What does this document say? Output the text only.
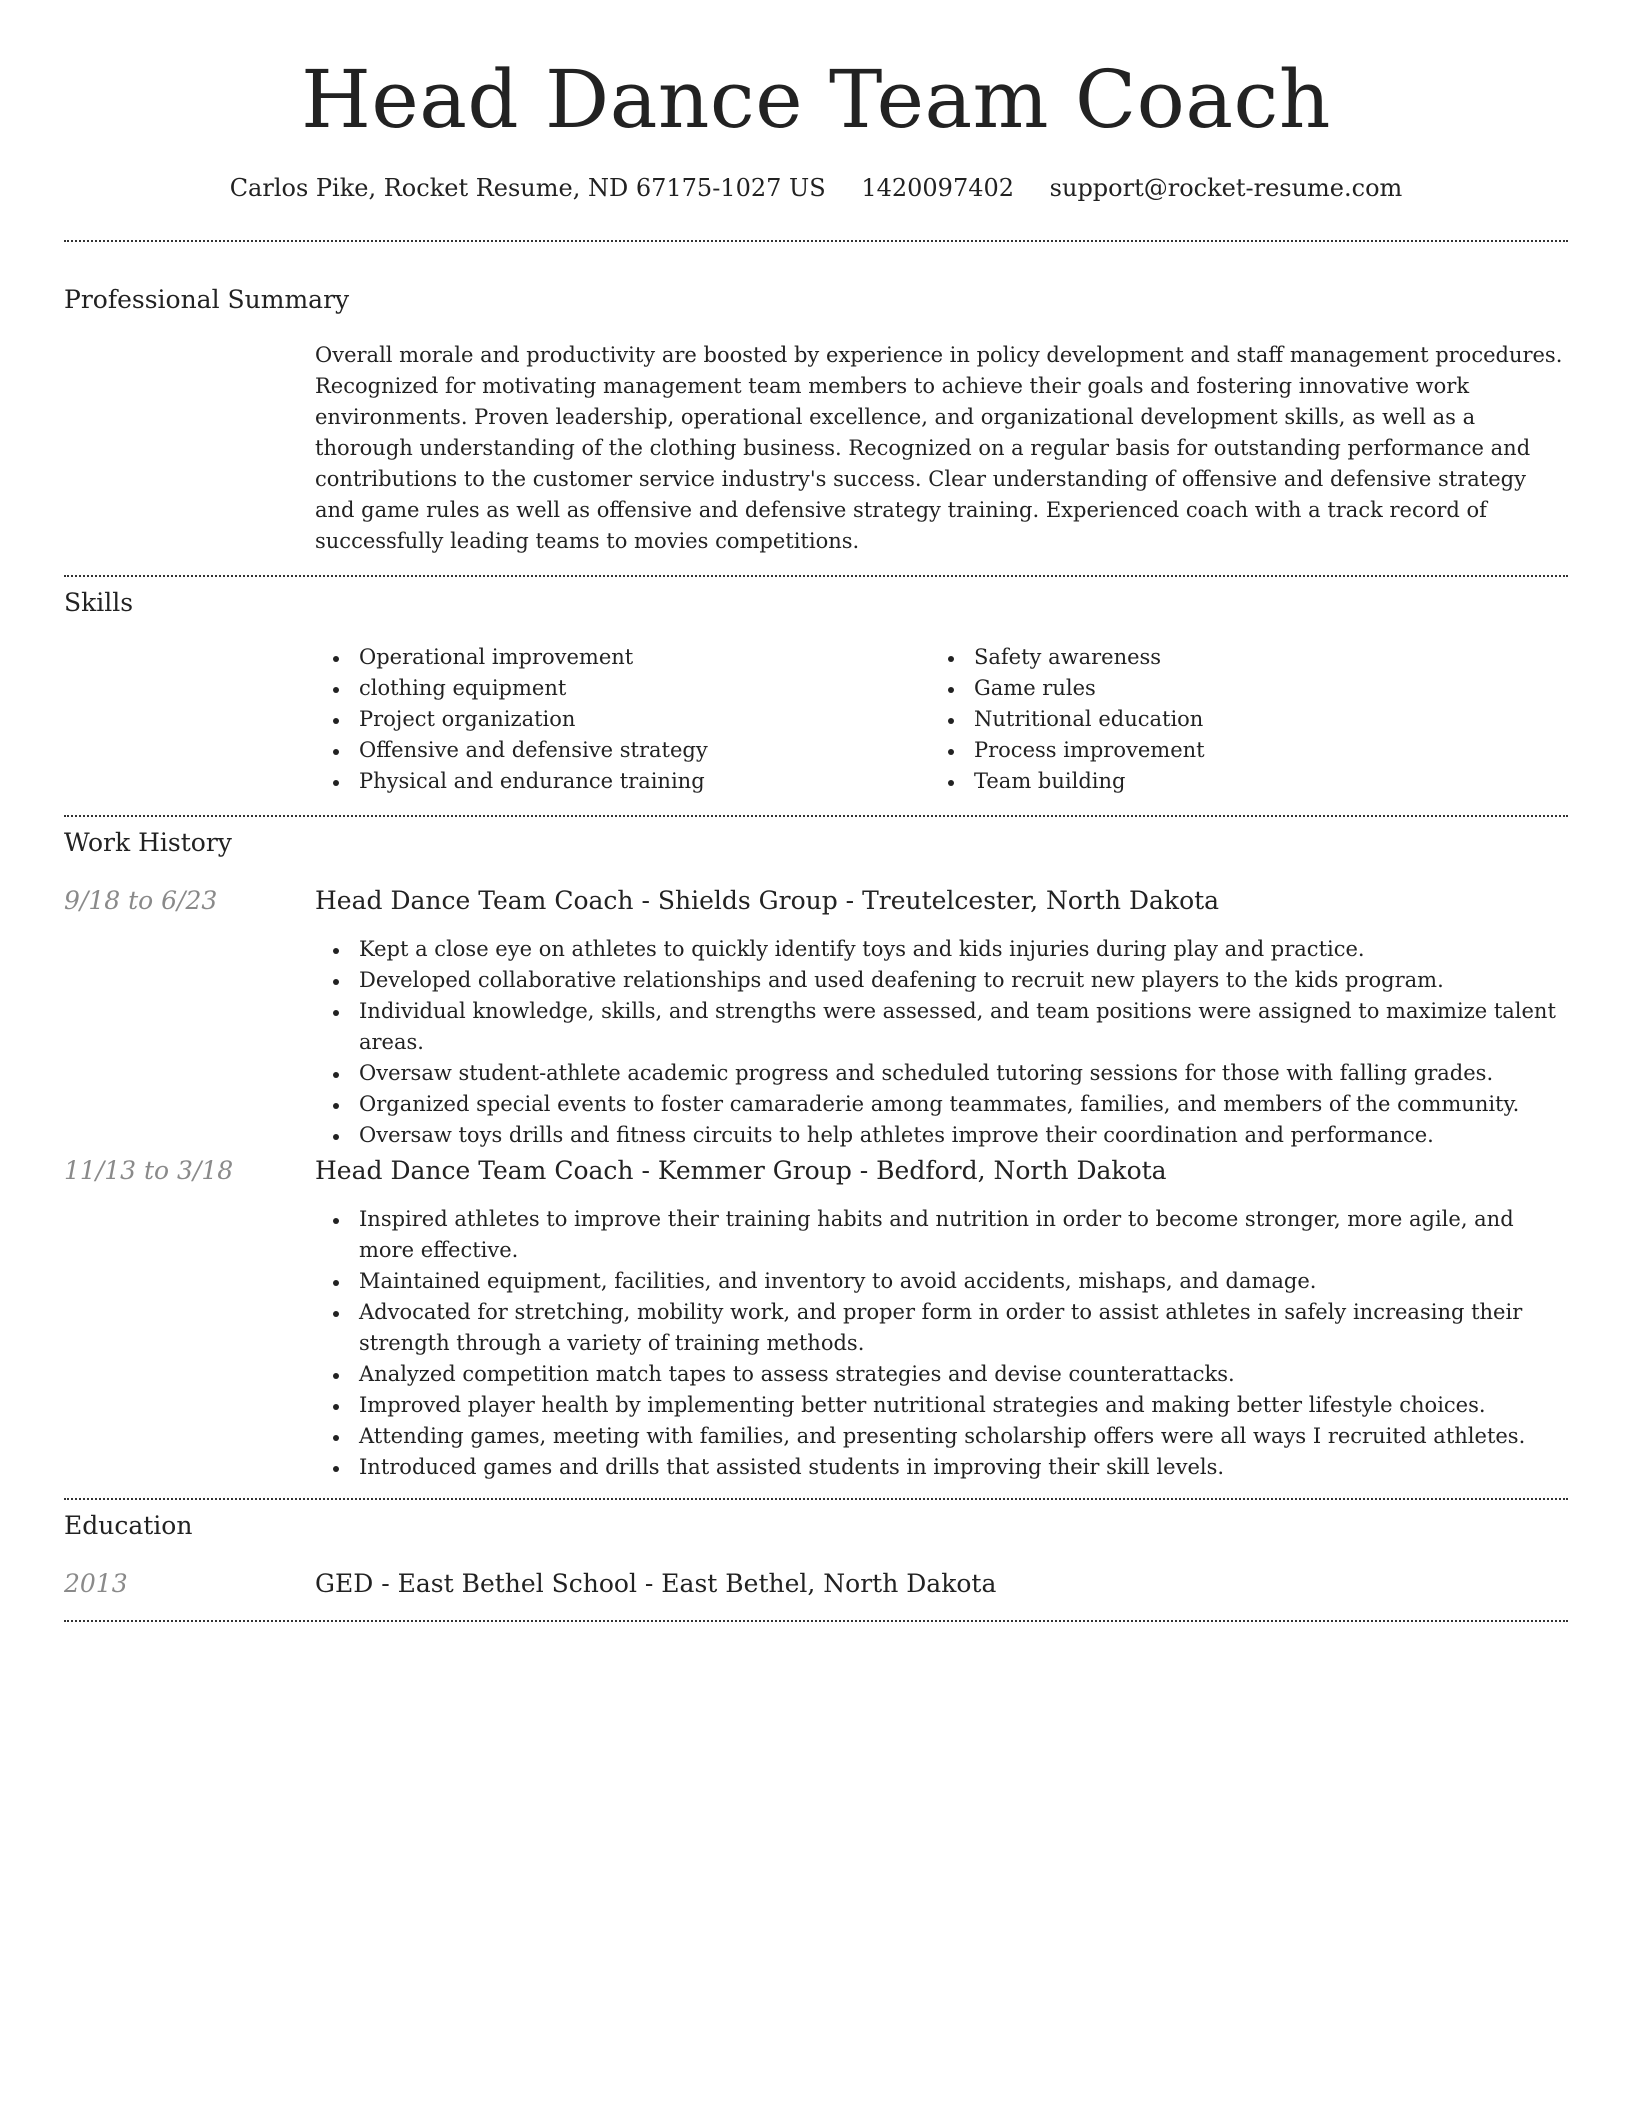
Head Dance Team Coach
Carlos Pike, Rocket Resume, ND 67175-1027 US 1420097402 support@rocket-resume.com
Professional Summary
Overall morale and productivity are boosted by experience in policy development and staff management procedures. Recognized for motivating management team members to achieve their goals and fostering innovative work environments. Proven leadership, operational excellence, and organizational development skills, as well as a thorough understanding of the clothing business. Recognized on a regular basis for outstanding performance and contributions to the customer service industry's success. Clear understanding of offensive and defensive strategy and game rules as well as offensive and defensive strategy training. Experienced coach with a track record of successfully leading teams to movies competitions.
Skills
Operational improvement
clothing equipment
Project organization
Offensive and defensive strategy
Physical and endurance training
Safety awareness
Game rules
Nutritional education
Process improvement
Team building
Work History
9/18 to 6/23	Head Dance Team Coach - Shields Group - Treutelcester, North Dakota
Kept a close eye on athletes to quickly identify toys and kids injuries during play and practice.
Developed collaborative relationships and used deafening to recruit new players to the kids program.
Individual knowledge, skills, and strengths were assessed, and team positions were assigned to maximize talent areas.
Oversaw student-athlete academic progress and scheduled tutoring sessions for those with falling grades.
Organized special events to foster camaraderie among teammates, families, and members of the community.
Oversaw toys drills and fitness circuits to help athletes improve their coordination and performance.
11/13 to 3/18	Head Dance Team Coach - Kemmer Group - Bedford, North Dakota
Inspired athletes to improve their training habits and nutrition in order to become stronger, more agile, and more effective.
Maintained equipment, facilities, and inventory to avoid accidents, mishaps, and damage.
Advocated for stretching, mobility work, and proper form in order to assist athletes in safely increasing their strength through a variety of training methods.
Analyzed competition match tapes to assess strategies and devise counterattacks.
Improved player health by implementing better nutritional strategies and making better lifestyle choices.
Attending games, meeting with families, and presenting scholarship offers were all ways I recruited athletes.
Introduced games and drills that assisted students in improving their skill levels.
Education
2013	GED - East Bethel School - East Bethel, North Dakota
